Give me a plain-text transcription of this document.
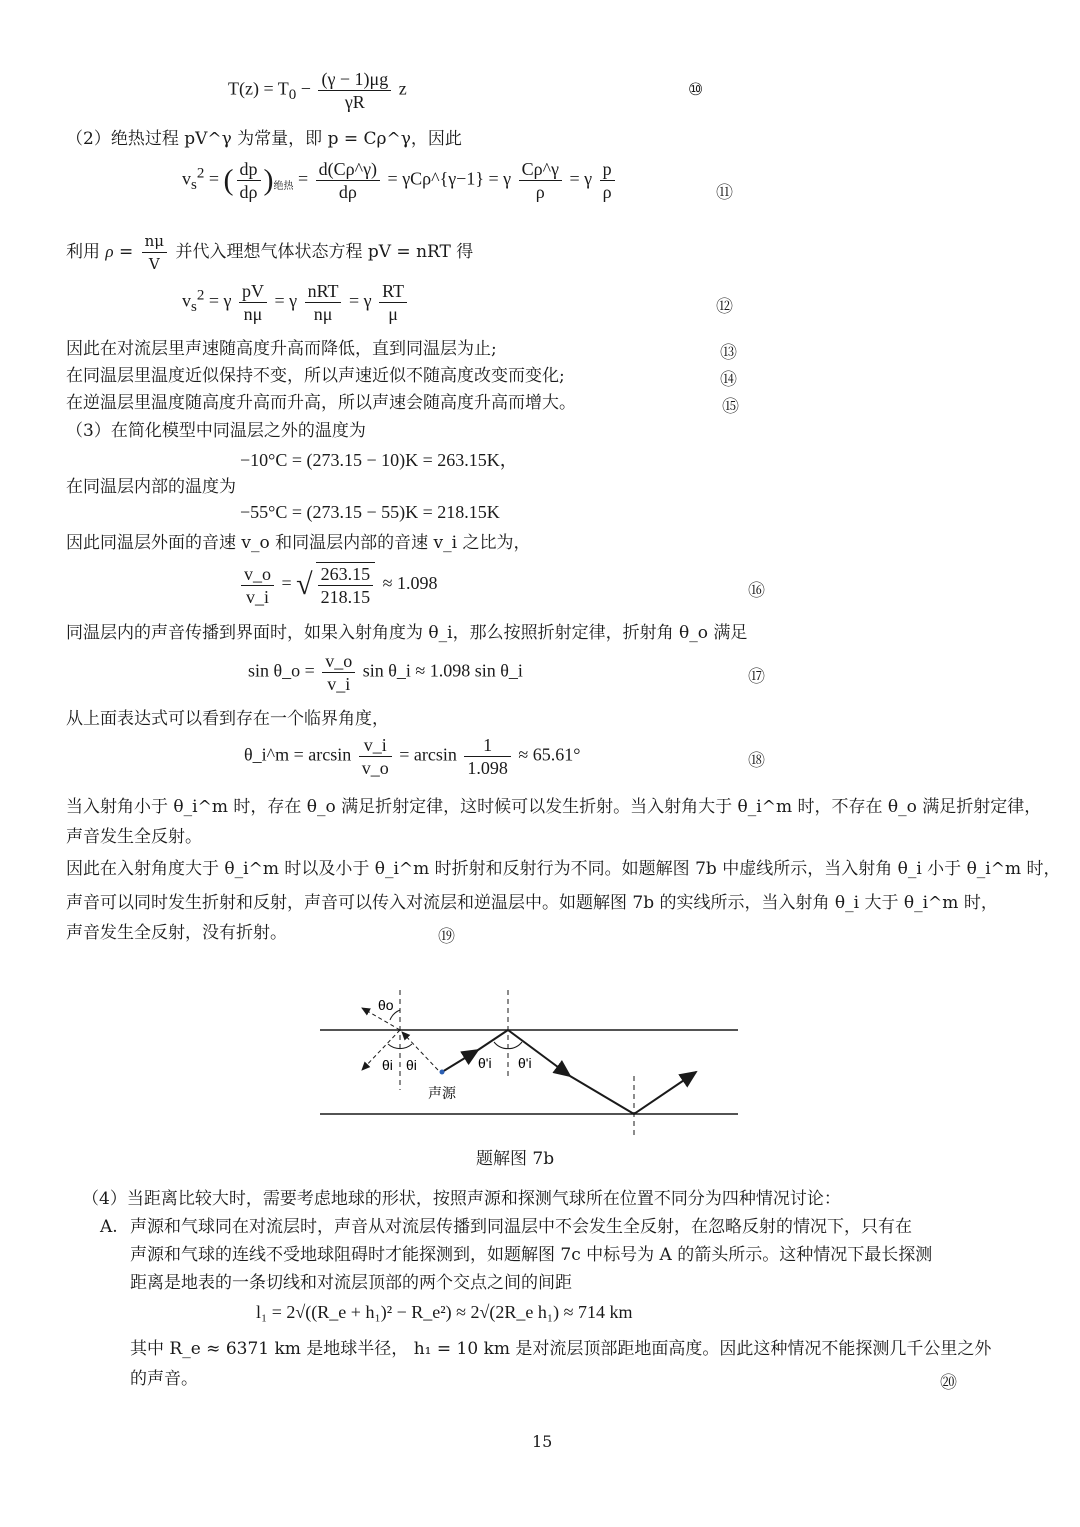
$T(z) = T_0 - \frac{(\gamma - 1)\mu g}{\gamma R}$ z	⑩
（2）绝热过程 pV^γ 为常量，即 p = Cρ^γ，因此
$v_s^2$ = ( $\frac{dp}{d\rho} )_{绝热} = \frac{d(C\rho\^{}\gamma)}{d\rho}$ = γCρ^{γ−1} = γ $\frac{C\rho\^{}\gamma}{\rho} = \gamma \frac{p}{\rho}$	⑪
利用 $\rho = \frac{n\mu}{V}$ 并代入理想气体状态方程 pV = nRT 得
$v_s^2 = \gamma \frac{pV}{n\mu} = \gamma \frac{\text{nRT}}{n\mu} = \gamma \frac{RT}{\mu}$	⑫
因此在对流层里声速随高度升高而降低，直到同温层为止;	⑬
在同温层里温度近似保持不变，所以声速近似不随高度改变而变化;	⑭
在逆温层里温度随高度升高而升高，所以声速会随高度升高而增大。	⑮
（3）在简化模型中同温层之外的温度为
−10°C = (273.15 − 10)K = 263.15K，
在同温层内部的温度为
−55°C = (273.15 − 55)K = 218.15K
因此同温层外面的音速 v_o 和同温层内部的音速 v_i 之比为，
$\frac{v\_o}{v\_i}$ = √ $\frac{263.15}{218.15} \approx 1.098$	⑯
同温层内的声音传播到界面时，如果入射角度为 θ_i，那么按照折射定律，折射角 θ_o 满足
sin θ_o = $\frac{v\_o}{v\_i}$ sin θ_i ≈ 1.098 sin θ_i	⑰
从上面表达式可以看到存在一个临界角度，
θ_i^m = $\arcsin \frac{v\_i}{v\_o} = \arcsin \frac{1}{1.098} \approx 65.61^\circ$	⑱
当入射角小于 θ_i^m 时，存在 θ_o 满足折射定律，这时候可以发生折射。当入射角大于 θ_i^m 时，不存在 θ_o 满足折射定律，
声音发生全反射。
因此在入射角度大于 θ_i^m 时以及小于 θ_i^m 时折射和反射行为不同。如题解图 7b 中虚线所示，当入射角 θ_i 小于 θ_i^m 时，
声音可以同时发生折射和反射，声音可以传入对流层和逆温层中。如题解图 7b 的实线所示，当入射角 θ_i 大于 θ_i^m 时，
声音发生全反射，没有折射。	⑲
θo
θi θi	θ'i θ'i
声源
题解图 7b
（4）当距离比较大时，需要考虑地球的形状，按照声源和探测气球所在位置不同分为四种情况讨论：
A. 声源和气球同在对流层时，声音从对流层传播到同温层中不会发生全反射，在忽略反射的情况下，只有在
声源和气球的连线不受地球阻碍时才能探测到，如题解图 7c 中标号为 A 的箭头所示。这种情况下最长探测
距离是地表的一条切线和对流层顶部的两个交点之间的间距
l₁ = 2√((R_e + h₁)² − R_e²) ≈ 2√(2R_e h₁) ≈ 714 km
其中 R_e ≈ 6371 km 是地球半径， h₁ = 10 km 是对流层顶部距地面高度。因此这种情况不能探测几千公里之外
的声音。	⑳
15
